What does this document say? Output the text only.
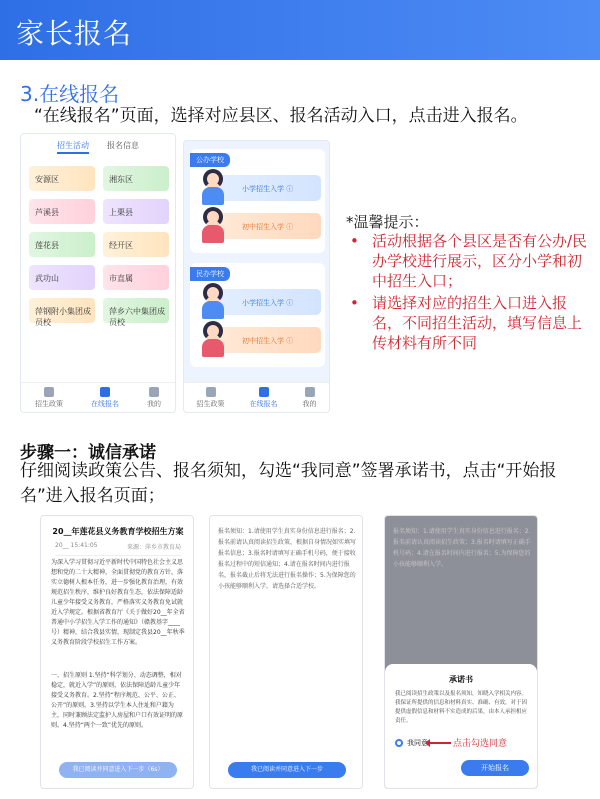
家长报名
3.在线报名
“在线报名”页面，选择对应县区、报名活动入口，点击进入报名。
招生活动 报名信息
安源区	湘东区
芦溪县	上栗县
莲花县	经开区
武功山	市直属
萍钢附小集团成员校
萍乡六中集团成员校
招生政策	在线报名	我的
公办学校
小学招生入学 ⓘ
初中招生入学 ⓘ
民办学校
小学招生入学 ⓘ
初中招生入学 ⓘ
招生政策	在线报名	我的
*温馨提示：
• 活动根据各个县区是否有公办/民办学校进行展示，区分小学和初中招生入口；
• 请选择对应的招生入口进入报名，不同招生活动，填写信息上传材料有所不同
步骤一：诚信承诺
仔细阅读政策公告、报名须知，勾选“我同意”签署承诺书，点击“开始报名”进入报名页面；
20__年莲花县义务教育学校招生方案
20__ 15:41:05	来源：萍乡市教育局
为深入学习贯彻习近平新时代中国特色社会主义思想和党的二十大精神，全面贯彻党的教育方针，落实立德树人根本任务，进一步强化教育治理，有效规范招生秩序，维护良好教育生态，依法保障适龄儿童少年接受义务教育，严格落实义务教育免试就近入学规定。根据省教育厅《关于做好20__年全省普通中小学招生入学工作的通知》（赣教基字____号）精神，结合我县实情，现制定我县20__年秋季义务教育阶段学校招生工作方案。
一、招生原则 1.坚持“科学划分、动态调整，相对稳定，就近入学”的原则，依法保障适龄儿童少年接受义务教育。2.坚持“程序规范、公平、公正、公开”的原则。3.坚持以学生本人住址和户籍为主，同时兼顾法定监护人房屋和户口有效证明的原则。4.坚持“两个一致”优先的原则。
我已阅读并同意进入下一步（6s）
报名须知：1.请使用学生真实身份信息进行报名；2.报名前请认真阅读招生政策，根据自身情况如实填写报名信息；3.报名时请填写正确手机号码，便于接收报名过程中的短信通知；4.请在报名时间内进行报名，报名截止后将无法进行报名操作；5.为保障您的小孩能够顺利入学，请选择合适学校。
我已阅读并同意进入下一步
报名须知：1.请使用学生真实身份信息进行报名；2.报名前请认真阅读招生政策；3.报名时请填写正确手机号码；4.请在报名时间内进行报名；5.为保障您的小孩能够顺利入学。
承诺书
我已阅读招生政策以及报名须知，知晓入学相关内容。我保证所提供的信息和材料真实、准确、有效，对于因提供虚假信息和材料不实造成的后果，由本人承担相应责任。
我同意	点击勾选同意
开始报名
